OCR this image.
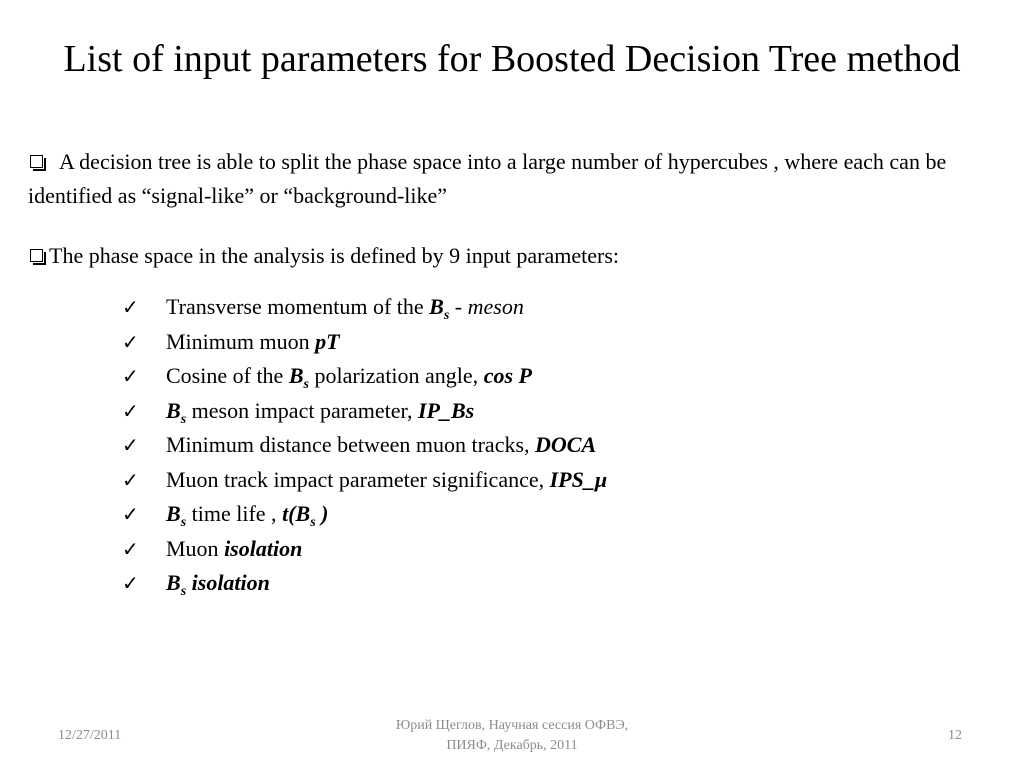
List of input parameters for Boosted Decision Tree method

A decision tree is able to split the phase space into a large number of hypercubes , where each can be identified as “signal-like” or “background-like”

The phase space in the analysis is defined by 9 input parameters:

✓ Transverse momentum of the $B_s$ - meson
✓ Minimum muon pT
✓ Cosine of the $B_s$ polarization angle, cos P
✓ $B_s$ meson impact parameter, IP_Bs
✓ Minimum distance between muon tracks, DOCA
✓ Muon track impact parameter significance, IPS_μ
✓ $B_s$ time life , $t(B_s$ )
✓ Muon isolation
✓ $B_s$ isolation
12/27/2011
Юрий Щеглов, Научная сессия ОФВЭ,
ПИЯФ, Декабрь, 2011
12
